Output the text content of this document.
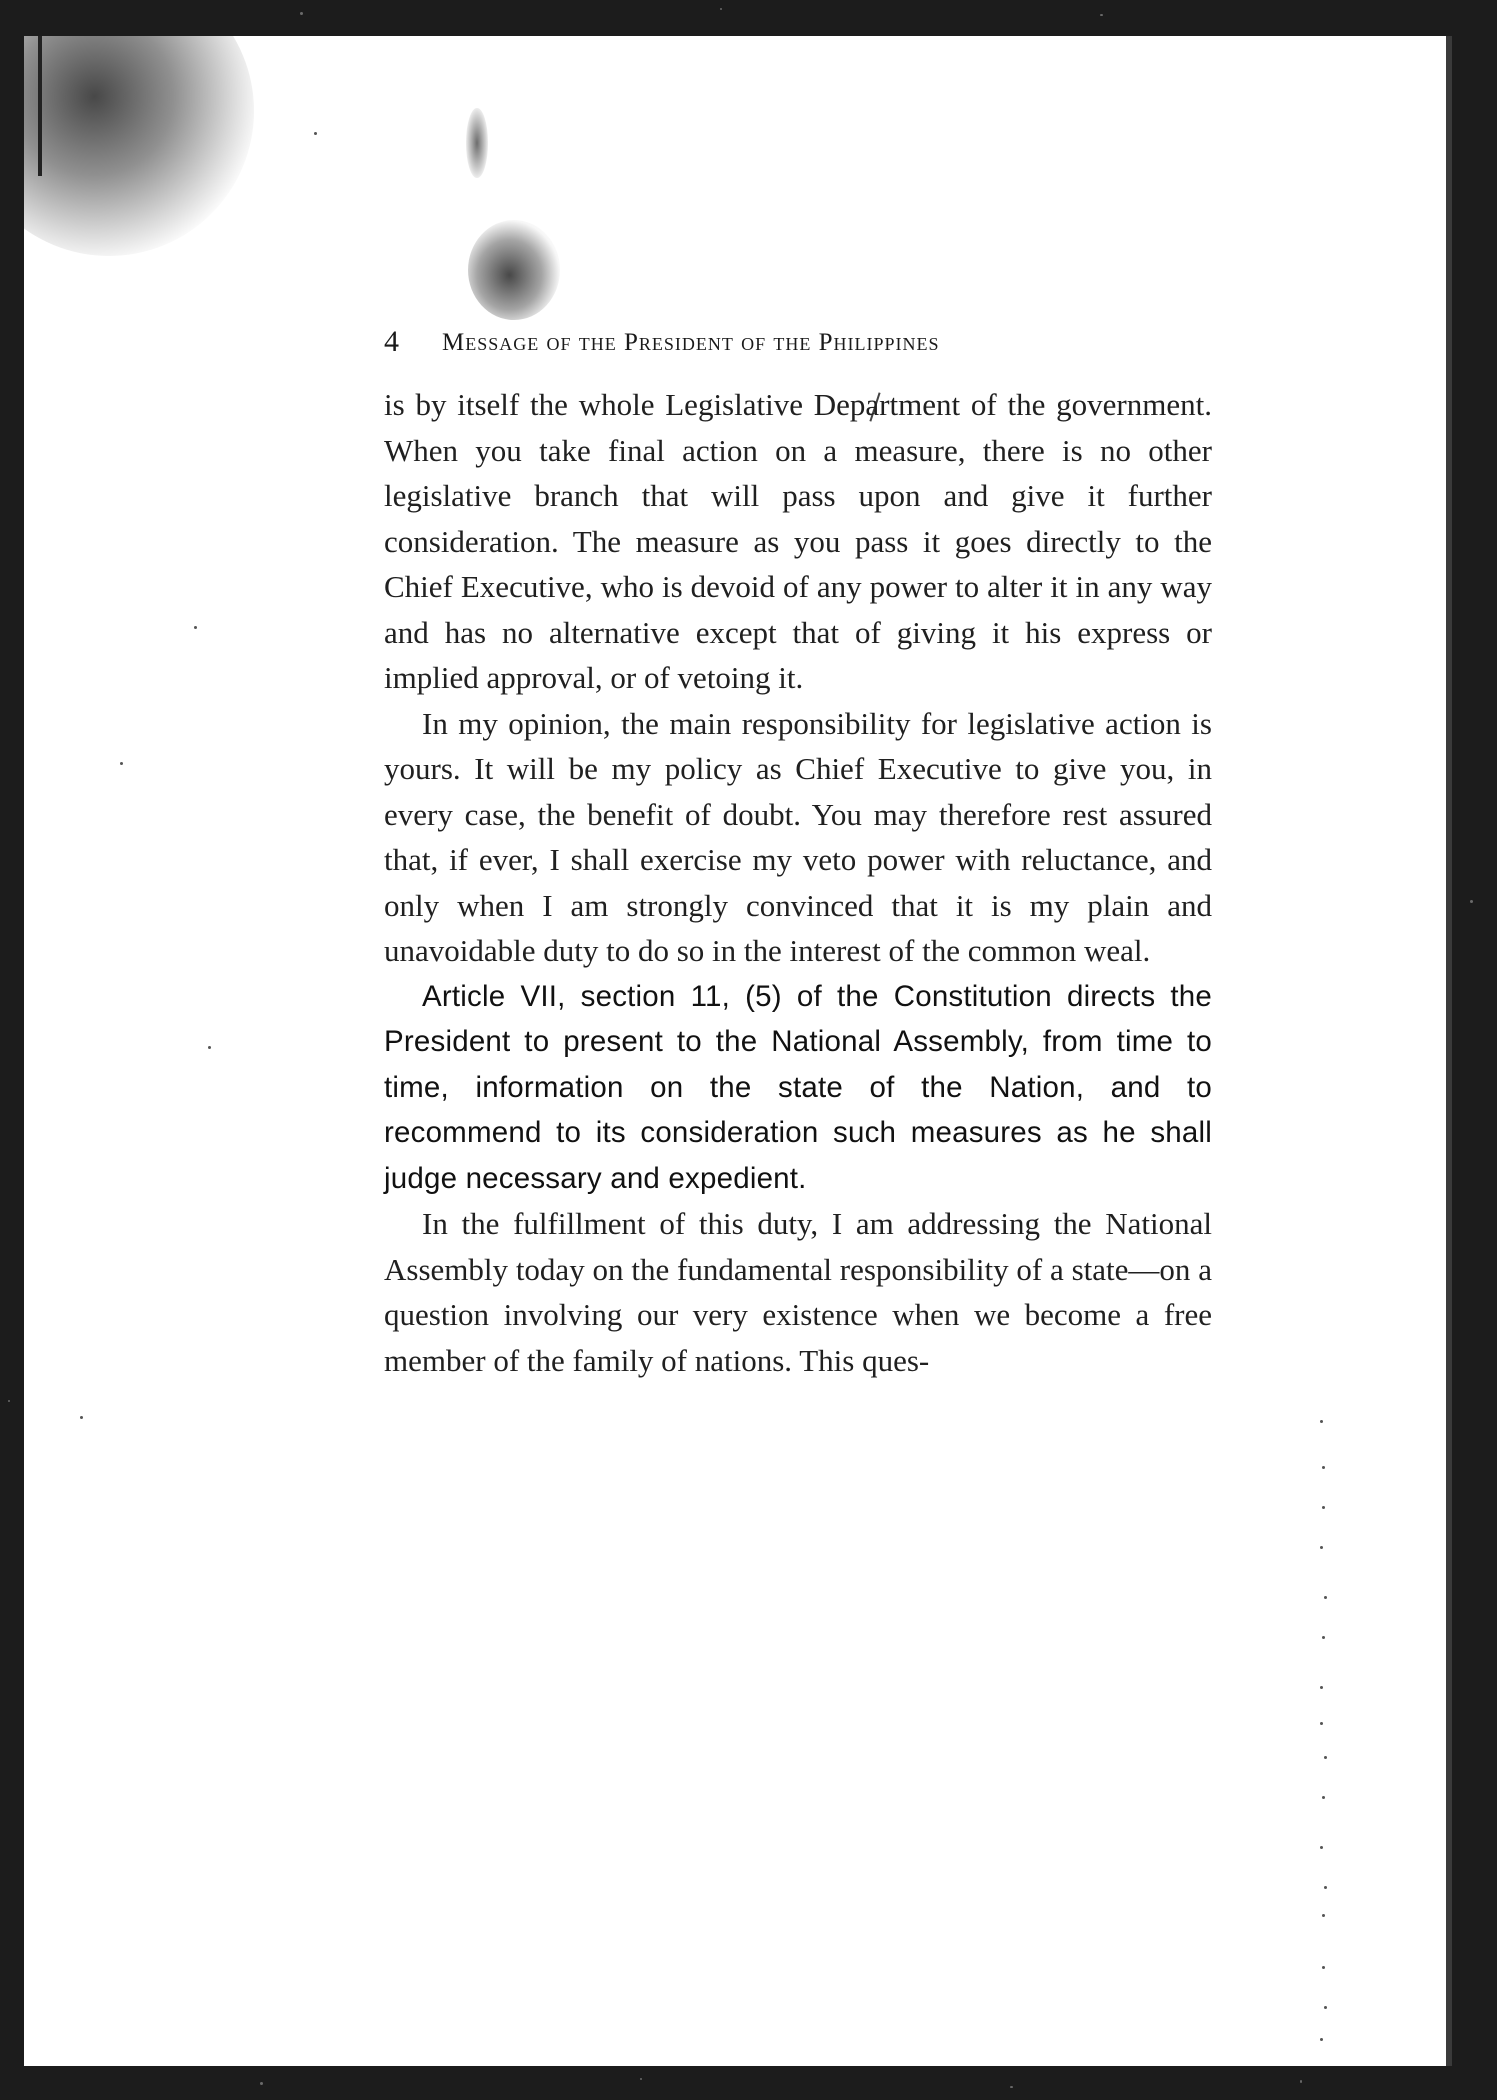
4 Message of the President of the Philippines

is by itself the whole Legislative Department of the government. When you take final action on a measure, there is no other legislative branch that will pass upon and give it further consideration. The measure as you pass it goes directly to the Chief Executive, who is devoid of any power to alter it in any way and has no alternative except that of giving it his express or implied approval, or of vetoing it.

In my opinion, the main responsibility for legislative action is yours. It will be my policy as Chief Executive to give you, in every case, the benefit of doubt. You may therefore rest assured that, if ever, I shall exercise my veto power with reluctance, and only when I am strongly convinced that it is my plain and unavoidable duty to do so in the interest of the common weal.

Article VII, section 11, (5) of the Constitution directs the President to present to the National Assembly, from time to time, information on the state of the Nation, and to recommend to its consideration such measures as he shall judge necessary and expedient.

In the fulfillment of this duty, I am addressing the National Assembly today on the fundamental responsibility of a state—on a question involving our very existence when we become a free member of the family of nations. This ques-
